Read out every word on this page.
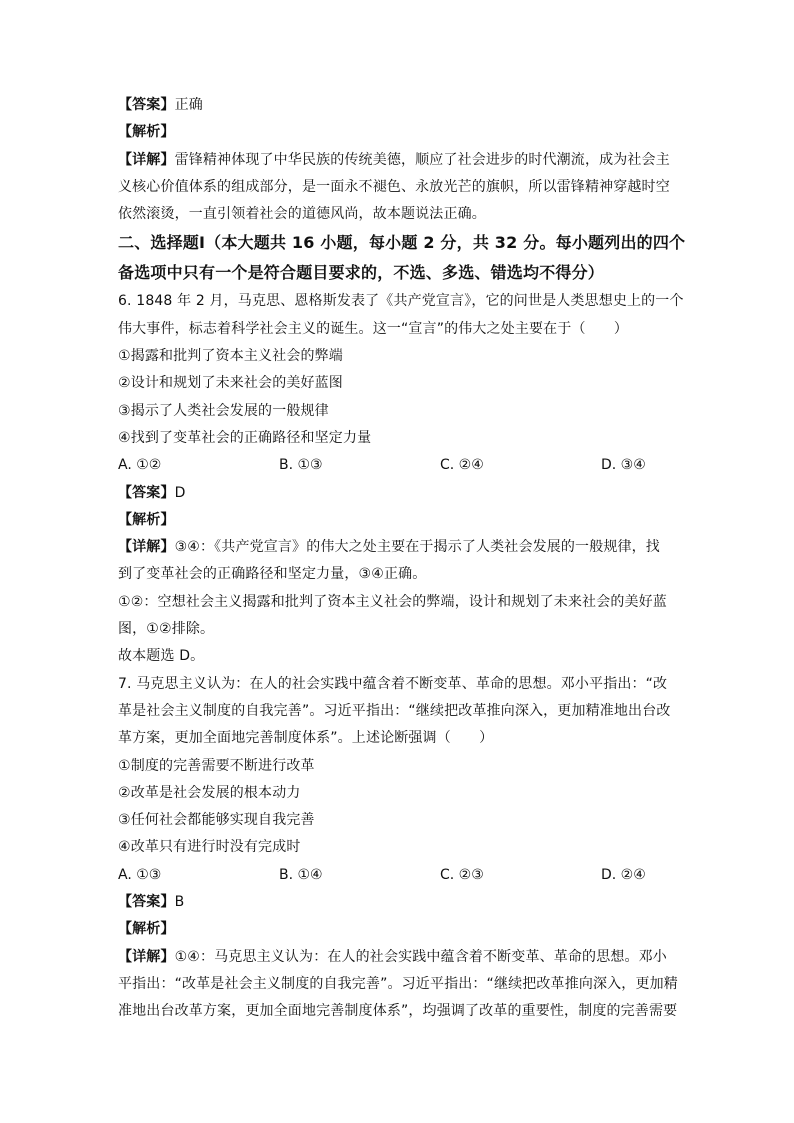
【答案】正确
【解析】
【详解】雷锋精神体现了中华民族的传统美德，顺应了社会进步的时代潮流，成为社会主
义核心价值体系的组成部分，是一面永不褪色、永放光芒的旗帜，所以雷锋精神穿越时空
依然滚烫，一直引领着社会的道德风尚，故本题说法正确。
二、选择题Ⅰ（本大题共 16 小题，每小题 2 分，共 32 分。每小题列出的四个
备选项中只有一个是符合题目要求的，不选、多选、错选均不得分）
6. 1848 年 2 月，马克思、恩格斯发表了《共产党宣言》，它的问世是人类思想史上的一个
伟大事件，标志着科学社会主义的诞生。这一“宣言”的伟大之处主要在于（　　）
①揭露和批判了资本主义社会的弊端
②设计和规划了未来社会的美好蓝图
③揭示了人类社会发展的一般规律
④找到了变革社会的正确路径和坚定力量
A. ①②	B. ①③	C. ②④	D. ③④
【答案】D
【解析】
【详解】③④：《共产党宣言》的伟大之处主要在于揭示了人类社会发展的一般规律，找
到了变革社会的正确路径和坚定力量，③④正确。
①②：空想社会主义揭露和批判了资本主义社会的弊端，设计和规划了未来社会的美好蓝
图，①②排除。
故本题选 D。
7. 马克思主义认为：在人的社会实践中蕴含着不断变革、革命的思想。邓小平指出：“改
革是社会主义制度的自我完善”。习近平指出：“继续把改革推向深入，更加精准地出台改
革方案，更加全面地完善制度体系”。上述论断强调（　　）
①制度的完善需要不断进行改革
②改革是社会发展的根本动力
③任何社会都能够实现自我完善
④改革只有进行时没有完成时
A. ①③	B. ①④	C. ②③	D. ②④
【答案】B
【解析】
【详解】①④：马克思主义认为：在人的社会实践中蕴含着不断变革、革命的思想。邓小
平指出：“改革是社会主义制度的自我完善”。习近平指出：“继续把改革推向深入，更加精
准地出台改革方案，更加全面地完善制度体系”，均强调了改革的重要性，制度的完善需要
